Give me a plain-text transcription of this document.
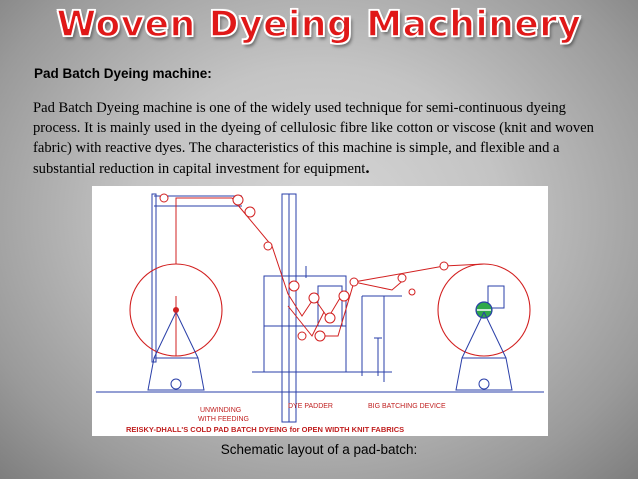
Woven Dyeing Machinery
Pad Batch Dyeing machine:
Pad Batch Dyeing machine is one of the widely used technique for semi-continuous dyeing process. It is mainly used in the dyeing of cellulosic fibre like cotton or viscose (knit and woven fabric) with reactive dyes. The characteristics of this machine is simple, and flexible and a substantial reduction in capital investment for equipment.
UNWINDING
WITH FEEDING
DYE PADDER	BIG BATCHING DEVICE
REISKY-DHALL'S COLD PAD BATCH DYEING for OPEN WIDTH KNIT FABRICS
Schematic layout of a pad-batch:
